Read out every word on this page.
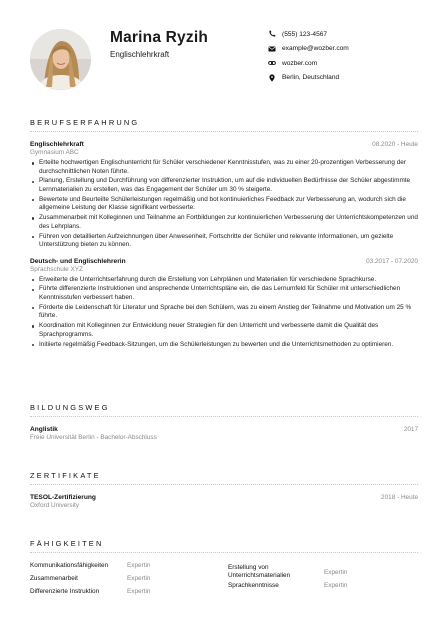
Marina Ryzih
Englischlehrkraft
(555) 123-4567
example@wozber.com
wozber.com
Berlin, Deutschland
BERUFSERFAHRUNG
Englischlehrkraft	08.2020 - Heute
Gymnasium ABC
Erteilte hochwertigen Englischunterricht für Schüler verschiedener Kenntnisstufen, was zu einer 20-prozentigen Verbesserung der durchschnittlichen Noten führte.
Planung, Erstellung und Durchführung von differenzierter Instruktion, um auf die individuellen Bedürfnisse der Schüler abgestimmte Lernmaterialien zu erstellen, was das Engagement der Schüler um 30 % steigerte.
Bewertete und Beurteilte Schülerleistungen regelmäßig und bot kontinuierliches Feedback zur Verbesserung an, wodurch sich die allgemeine Leistung der Klasse signifikant verbesserte.
Zusammenarbeit mit Kolleginnen und Teilnahme an Fortbildungen zur kontinuierlichen Verbesserung der Unterrichtskompetenzen und des Lehrplans.
Führen von detaillierten Aufzeichnungen über Anwesenheit, Fortschritte der Schüler und relevante Informationen, um gezielte Unterstützung bieten zu können.
Deutsch- und Englischlehrerin	03.2017 - 07.2020
Sprachschule XYZ
Erweiterte die Unterrichtserfahrung durch die Erstellung von Lehrplänen und Materialien für verschiedene Sprachkurse.
Führte differenzierte Instruktionen und ansprechende Unterrichtspläne ein, die das Lernumfeld für Schüler mit unterschiedlichen Kenntnisstufen verbessert haben.
Förderte die Leidenschaft für Literatur und Sprache bei den Schülern, was zu einem Anstieg der Teilnahme und Motivation um 25 % führte.
Koordination mit Kolleginnen zur Entwicklung neuer Strategien für den Unterricht und verbesserte damit die Qualität des Sprachprogramms.
Initiierte regelmäßig Feedback-Sitzungen, um die Schülerleistungen zu bewerten und die Unterrichtsmethoden zu optimieren.
BILDUNGSWEG
Anglistik	2017
Freie Universität Berlin - Bachelor-Abschluss
ZERTIFIKATE
TESOL-Zertifizierung	2018 - Heute
Oxford University
FÄHIGKEITEN
Kommunikationsfähigkeiten	Expertin
Zusammenarbeit	Expertin
Differenzierte Instruktion	Expertin
Erstellung von Unterrichtsmaterialien	Expertin
Sprachkenntnisse	Expertin
